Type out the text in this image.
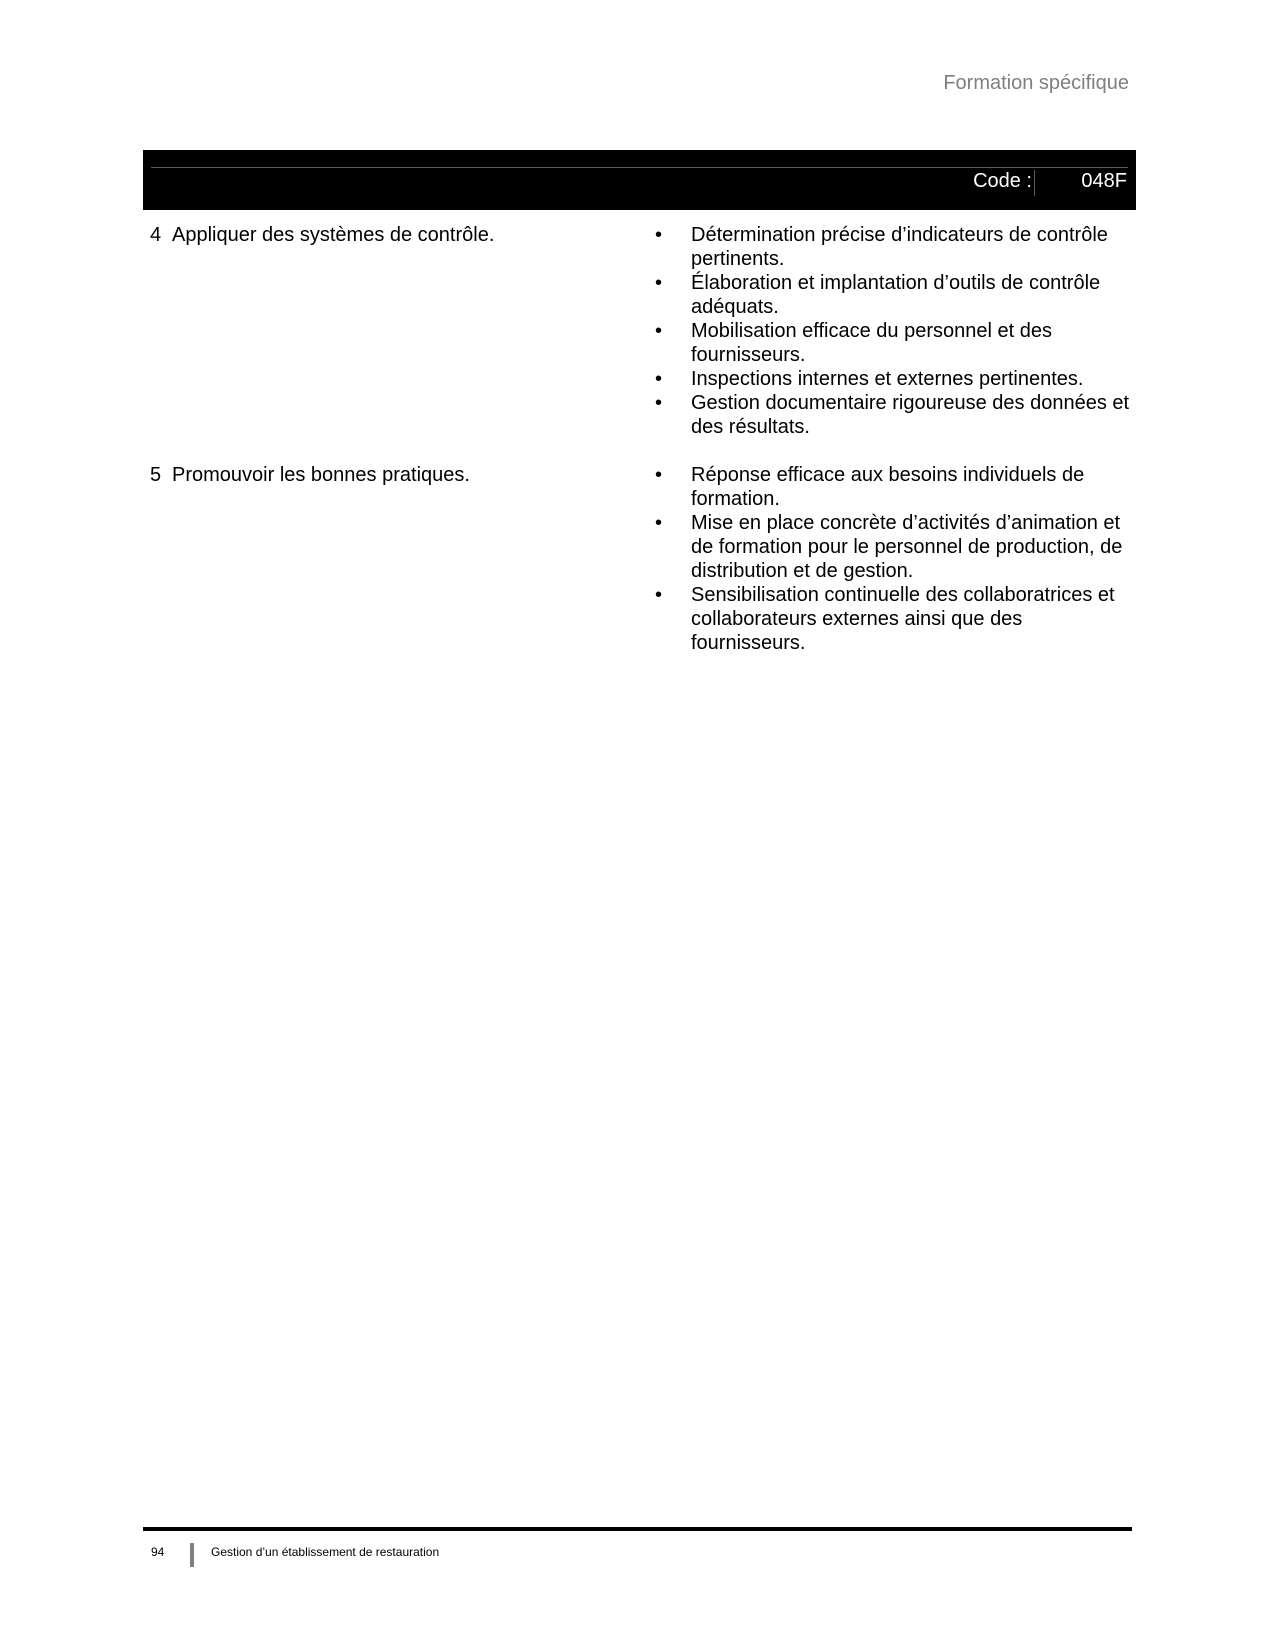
Formation spécifique
Code : 048F
4 Appliquer des systèmes de contrôle.	• Détermination précise d’indicateurs de contrôle pertinents.
• Élaboration et implantation d’outils de contrôle adéquats.
• Mobilisation efficace du personnel et des fournisseurs.
• Inspections internes et externes pertinentes.
• Gestion documentaire rigoureuse des données et des résultats.
5 Promouvoir les bonnes pratiques.	• Réponse efficace aux besoins individuels de formation.
• Mise en place concrète d’activités d’animation et de formation pour le personnel de production, de distribution et de gestion.
• Sensibilisation continuelle des collaboratrices et collaborateurs externes ainsi que des fournisseurs.
94	Gestion d’un établissement de restauration
